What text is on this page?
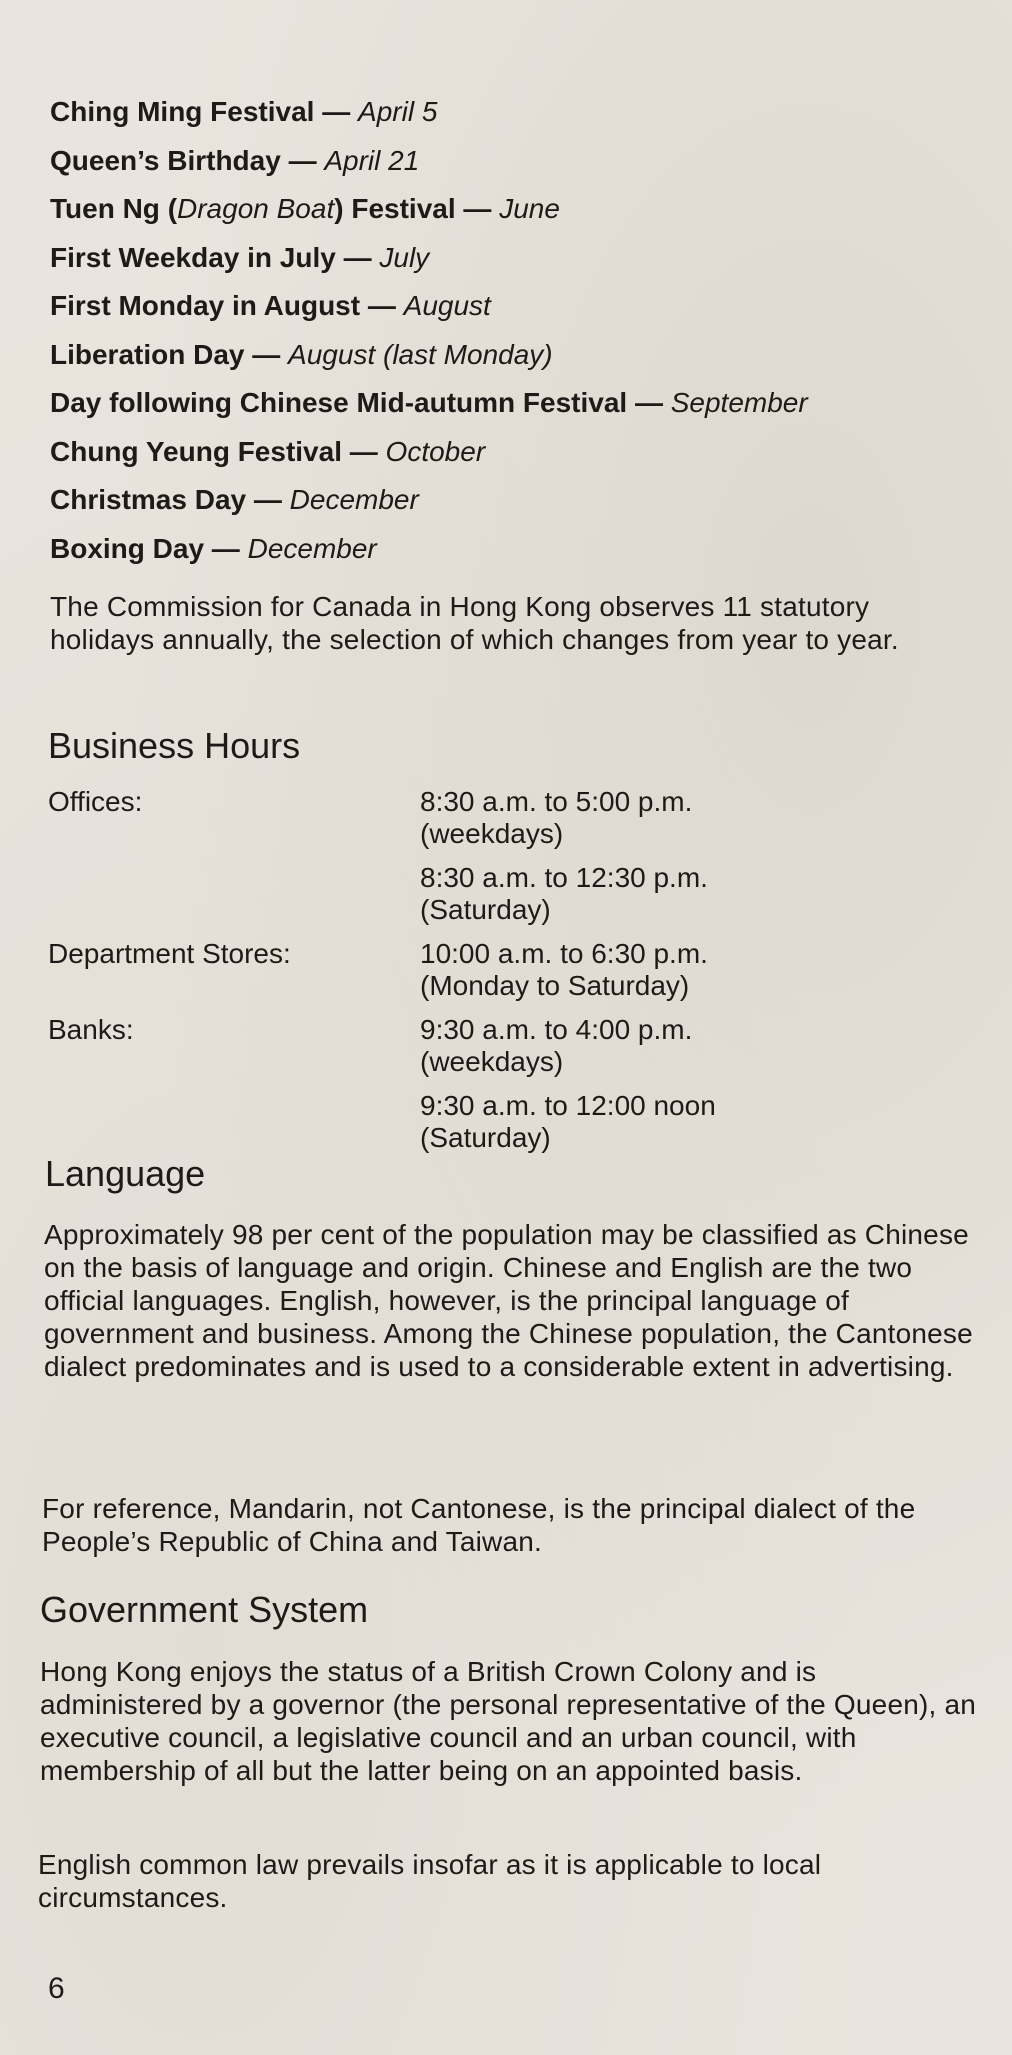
Ching Ming Festival — April 5
Queen’s Birthday — April 21
Tuen Ng (Dragon Boat) Festival — June
First Weekday in July — July
First Monday in August — August
Liberation Day — August (last Monday)
Day following Chinese Mid-autumn Festival — September
Chung Yeung Festival — October
Christmas Day — December
Boxing Day — December

The Commission for Canada in Hong Kong observes 11 statutory holidays annually, the selection of which changes from year to year.

Business Hours
Offices:	8:30 a.m. to 5:00 p.m.
(weekdays)
8:30 a.m. to 12:30 p.m.
(Saturday)
Department Stores:	10:00 a.m. to 6:30 p.m.
(Monday to Saturday)
Banks:	9:30 a.m. to 4:00 p.m.
(weekdays)
9:30 a.m. to 12:00 noon
(Saturday)
Language

Approximately 98 per cent of the population may be classified as Chinese on the basis of language and origin. Chinese and English are the two official languages. English, however, is the principal language of government and business. Among the Chinese population, the Cantonese dialect predominates and is used to a considerable extent in advertising.

For reference, Mandarin, not Cantonese, is the principal dialect of the People’s Republic of China and Taiwan.

Government System

Hong Kong enjoys the status of a British Crown Colony and is administered by a governor (the personal representative of the Queen), an executive council, a legislative council and an urban council, with membership of all but the latter being on an appointed basis.

English common law prevails insofar as it is applicable to local circumstances.

6
